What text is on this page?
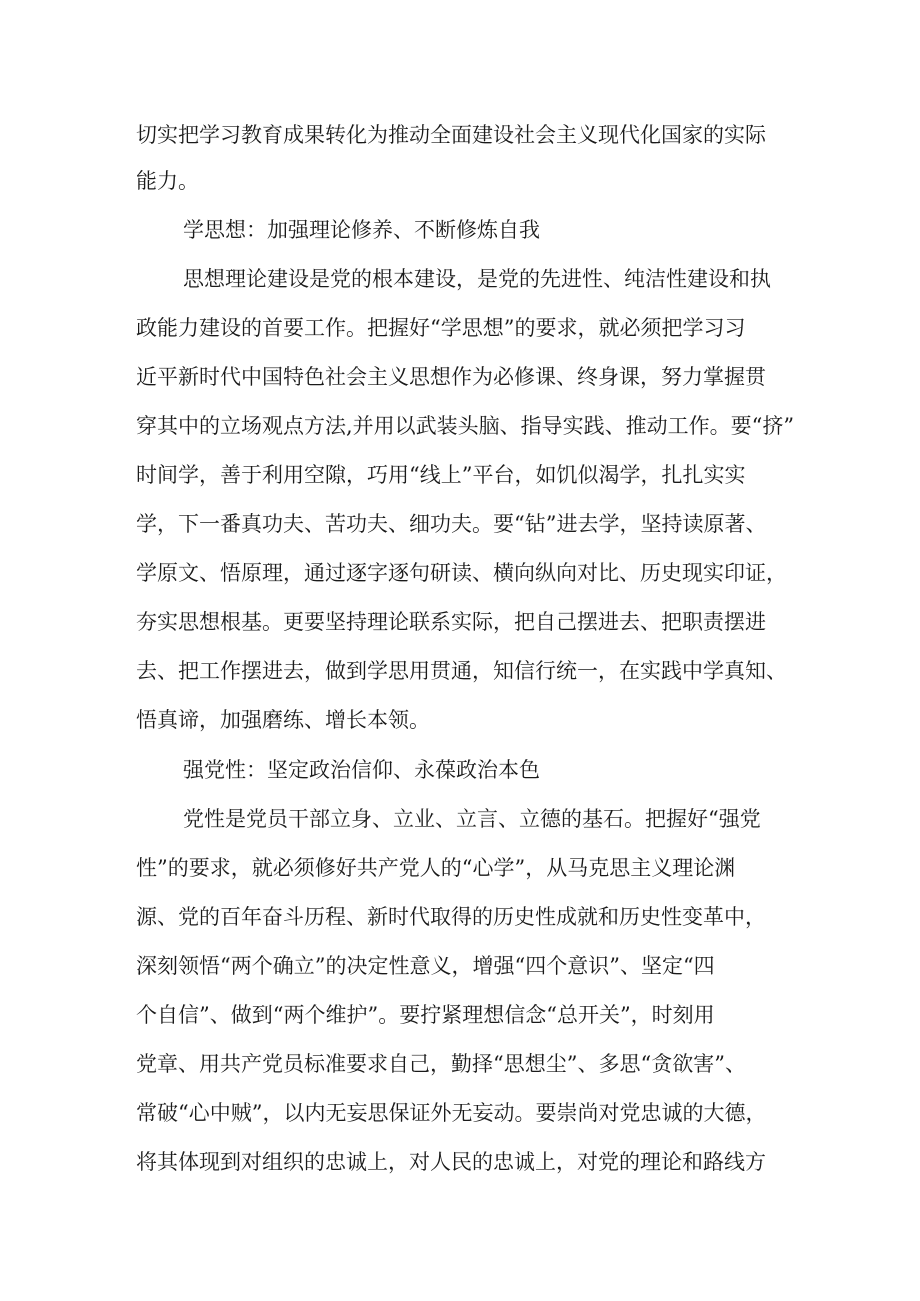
切实把学习教育成果转化为推动全面建设社会主义现代化国家的实际
能力。
学思想：加强理论修养、不断修炼自我
思想理论建设是党的根本建设，是党的先进性、纯洁性建设和执
政能力建设的首要工作。把握好“学思想”的要求，就必须把学习习
近平新时代中国特色社会主义思想作为必修课、终身课，努力掌握贯
穿其中的立场观点方法,并用以武装头脑、指导实践、推动工作。要“挤”
时间学，善于利用空隙，巧用“线上”平台，如饥似渴学，扎扎实实
学，下一番真功夫、苦功夫、细功夫。要“钻”进去学，坚持读原著、
学原文、悟原理，通过逐字逐句研读、横向纵向对比、历史现实印证，
夯实思想根基。更要坚持理论联系实际，把自己摆进去、把职责摆进
去、把工作摆进去，做到学思用贯通，知信行统一，在实践中学真知、
悟真谛，加强磨练、增长本领。
强党性：坚定政治信仰、永葆政治本色
党性是党员干部立身、立业、立言、立德的基石。把握好“强党
性”的要求，就必须修好共产党人的“心学”，从马克思主义理论渊
源、党的百年奋斗历程、新时代取得的历史性成就和历史性变革中，
深刻领悟“两个确立”的决定性意义，增强“四个意识”、坚定“四
个自信”、做到“两个维护”。要拧紧理想信念“总开关”，时刻用
党章、用共产党员标准要求自己，勤择“思想尘”、多思“贪欲害”、
常破“心中贼”，以内无妄思保证外无妄动。要崇尚对党忠诚的大德，
将其体现到对组织的忠诚上，对人民的忠诚上，对党的理论和路线方
